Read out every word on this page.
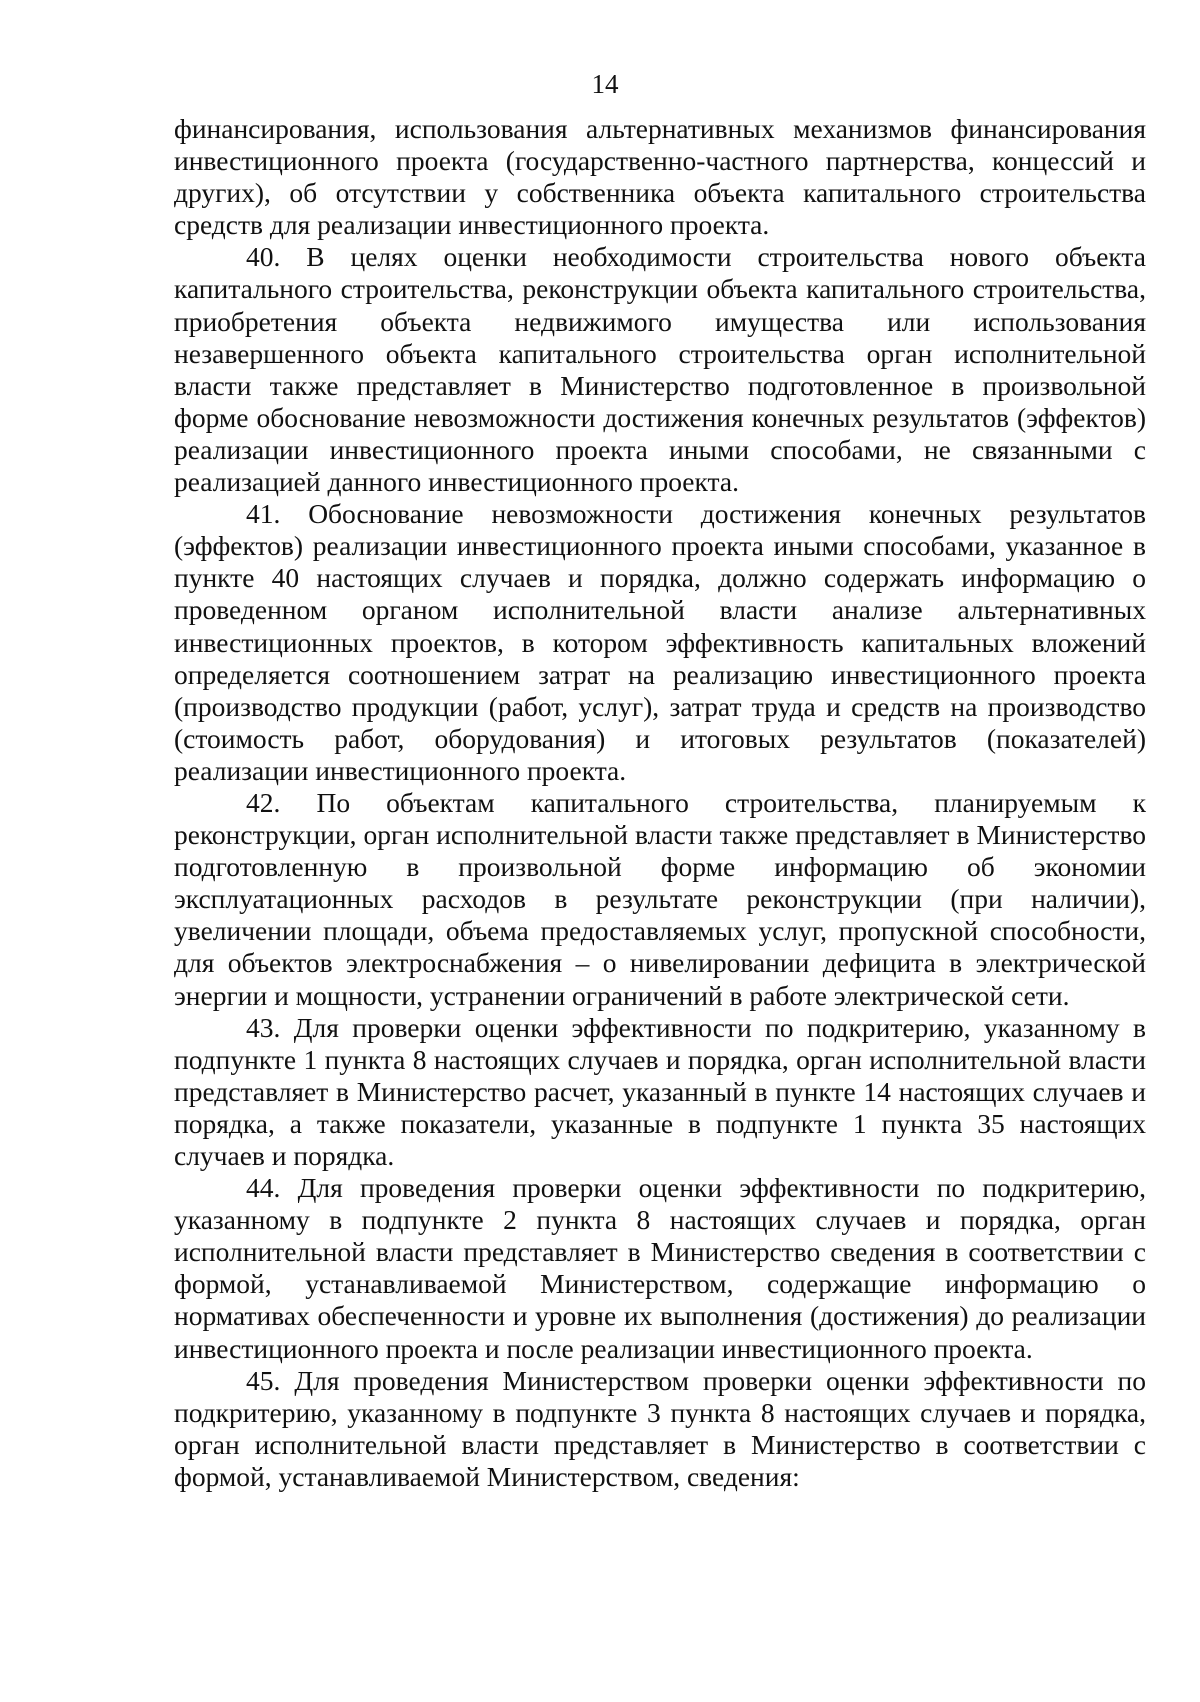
14

финансирования, использования альтернативных механизмов финансирования инвестиционного проекта (государственно-частного партнерства, концессий и других), об отсутствии у собственника объекта капитального строительства средств для реализации инвестиционного проекта.

40. В целях оценки необходимости строительства нового объекта капитального строительства, реконструкции объекта капитального строительства, приобретения объекта недвижимого имущества или использования незавершенного объекта капитального строительства орган исполнительной власти также представляет в Министерство подготовленное в произвольной форме обоснование невозможности достижения конечных результатов (эффектов) реализации инвестиционного проекта иными способами, не связанными с реализацией данного инвестиционного проекта.

41. Обоснование невозможности достижения конечных результатов (эффектов) реализации инвестиционного проекта иными способами, указанное в пункте 40 настоящих случаев и порядка, должно содержать информацию о проведенном органом исполнительной власти анализе альтернативных инвестиционных проектов, в котором эффективность капитальных вложений определяется соотношением затрат на реализацию инвестиционного проекта (производство продукции (работ, услуг), затрат труда и средств на производство (стоимость работ, оборудования) и итоговых результатов (показателей) реализации инвестиционного проекта.

42. По объектам капитального строительства, планируемым к реконструкции, орган исполнительной власти также представляет в Министерство подготовленную в произвольной форме информацию об экономии эксплуатационных расходов в результате реконструкции (при наличии), увеличении площади, объема предоставляемых услуг, пропускной способности, для объектов электроснабжения – о нивелировании дефицита в электрической энергии и мощности, устранении ограничений в работе электрической сети.

43. Для проверки оценки эффективности по подкритерию, указанному в подпункте 1 пункта 8 настоящих случаев и порядка, орган исполнительной власти представляет в Министерство расчет, указанный в пункте 14 настоящих случаев и порядка, а также показатели, указанные в подпункте 1 пункта 35 настоящих случаев и порядка.

44. Для проведения проверки оценки эффективности по подкритерию, указанному в подпункте 2 пункта 8 настоящих случаев и порядка, орган исполнительной власти представляет в Министерство сведения в соответствии с формой, устанавливаемой Министерством, содержащие информацию о нормативах обеспеченности и уровне их выполнения (достижения) до реализации инвестиционного проекта и после реализации инвестиционного проекта.

45. Для проведения Министерством проверки оценки эффективности по подкритерию, указанному в подпункте 3 пункта 8 настоящих случаев и порядка, орган исполнительной власти представляет в Министерство в соответствии с формой, устанавливаемой Министерством, сведения:
